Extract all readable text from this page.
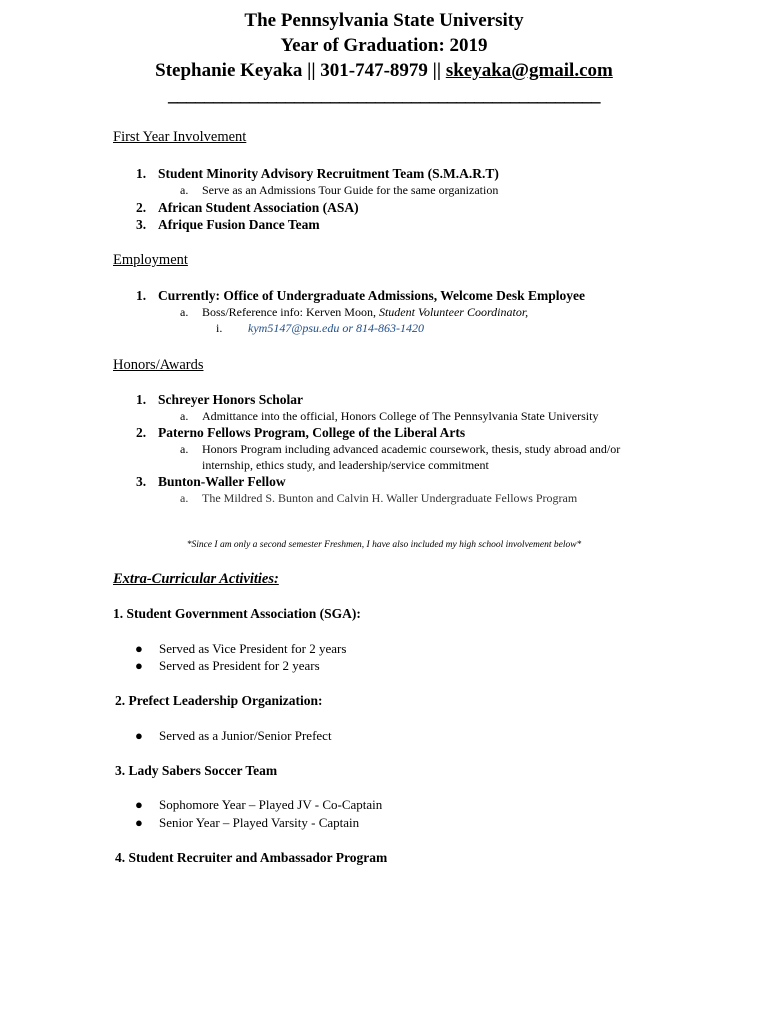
The Pennsylvania State University
Year of Graduation: 2019
Stephanie Keyaka || 301-747-8979 || skeyaka@gmail.com
________________________________________________
First Year Involvement
1. Student Minority Advisory Recruitment Team (S.M.A.R.T)
a. Serve as an Admissions Tour Guide for the same organization
2. African Student Association (ASA)
3. Afrique Fusion Dance Team
Employment
1. Currently: Office of Undergraduate Admissions, Welcome Desk Employee
a. Boss/Reference info: Kerven Moon, Student Volunteer Coordinator,
i. kym5147@psu.edu or 814-863-1420
Honors/Awards
1. Schreyer Honors Scholar
a. Admittance into the official, Honors College of The Pennsylvania State University
2. Paterno Fellows Program, College of the Liberal Arts
a. Honors Program including advanced academic coursework, thesis, study abroad and/or
internship, ethics study, and leadership/service commitment
3. Bunton-Waller Fellow
a. The Mildred S. Bunton and Calvin H. Waller Undergraduate Fellows Program
*Since I am only a second semester Freshmen, I have also included my high school involvement below*
Extra-Curricular Activities:
1. Student Government Association (SGA):
● Served as Vice President for 2 years
● Served as President for 2 years
2. Prefect Leadership Organization:
● Served as a Junior/Senior Prefect
3. Lady Sabers Soccer Team
● Sophomore Year – Played JV - Co-Captain
● Senior Year – Played Varsity - Captain
4. Student Recruiter and Ambassador Program
